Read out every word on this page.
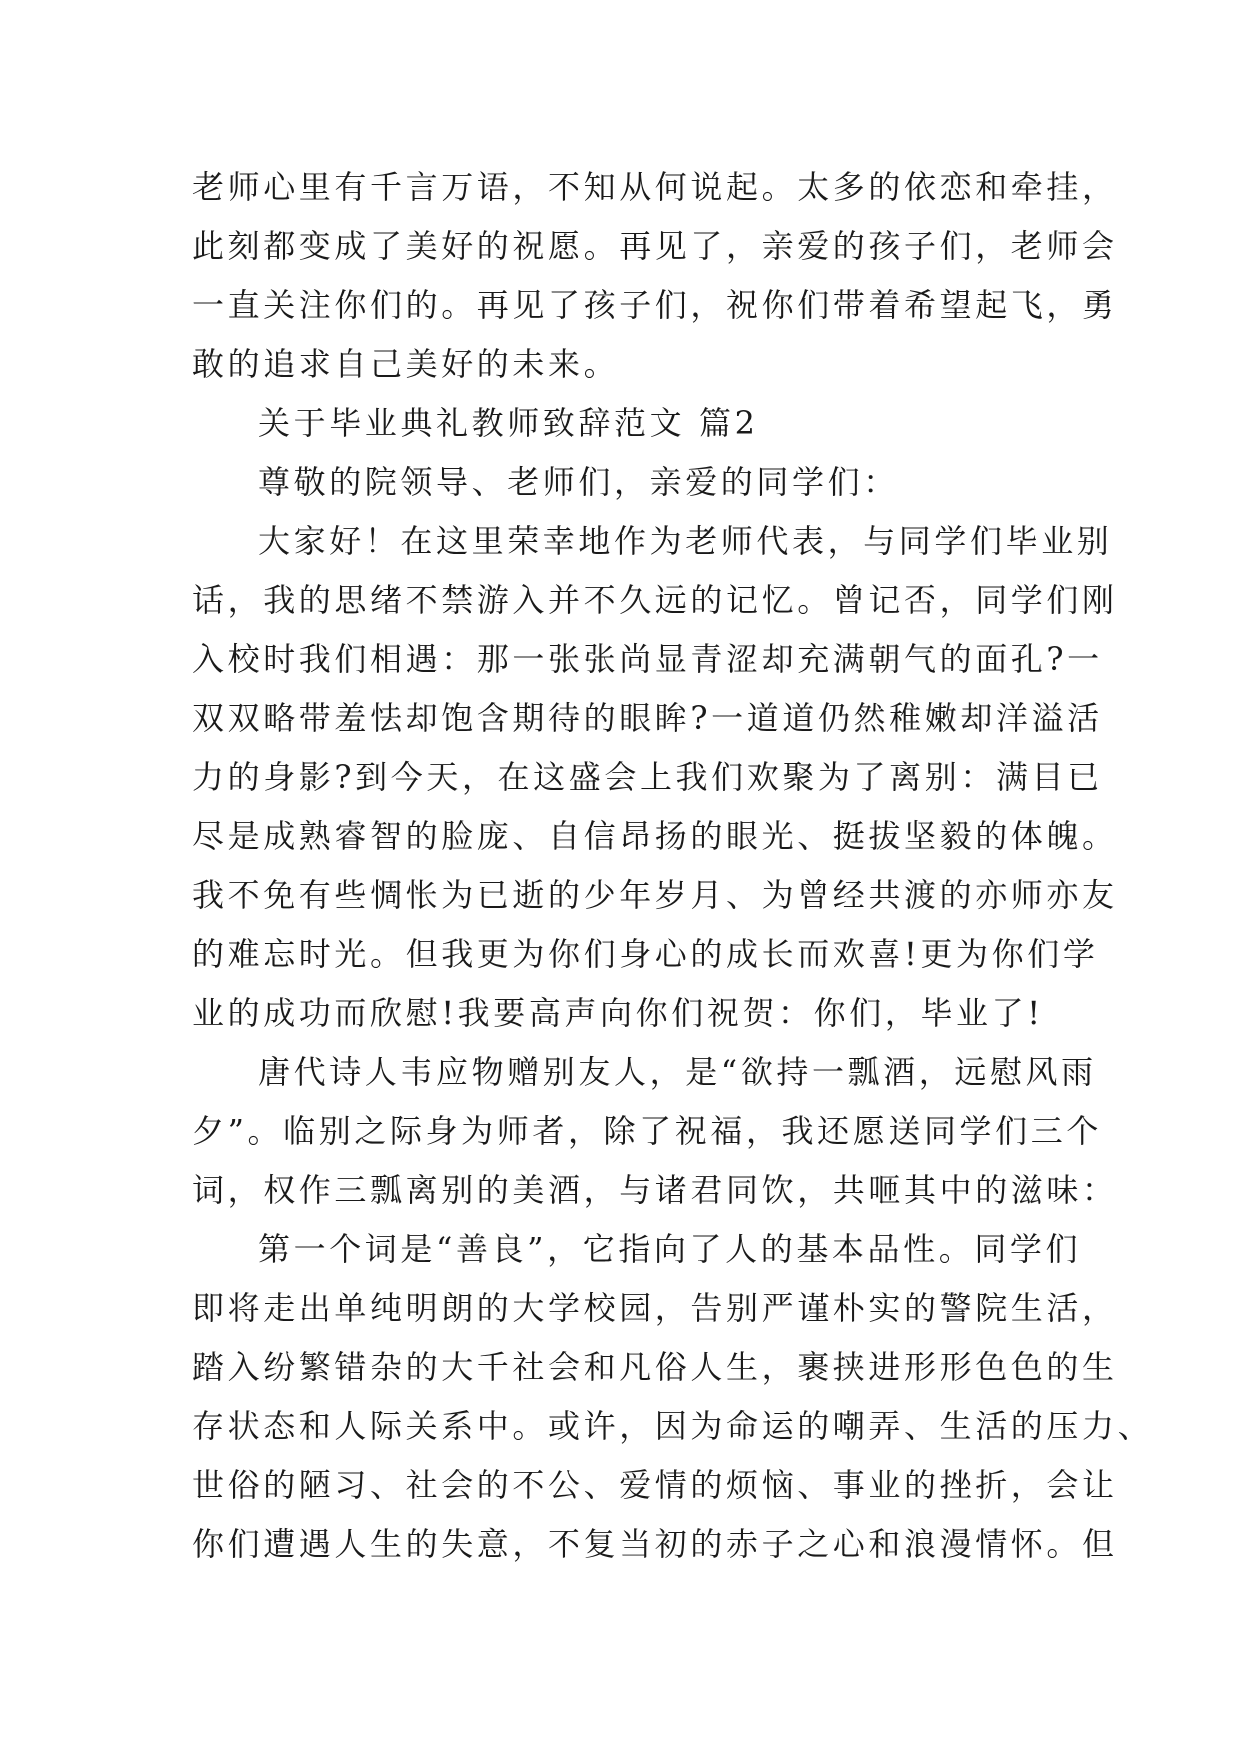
老师心里有千言万语，不知从何说起。太多的依恋和牵挂，
此刻都变成了美好的祝愿。再见了，亲爱的孩子们，老师会
一直关注你们的。再见了孩子们，祝你们带着希望起飞，勇
敢的追求自己美好的未来。
关于毕业典礼教师致辞范文 篇2
尊敬的院领导、老师们，亲爱的同学们：
大家好！在这里荣幸地作为老师代表，与同学们毕业别
话，我的思绪不禁游入并不久远的记忆。曾记否，同学们刚
入校时我们相遇：那一张张尚显青涩却充满朝气的面孔?一
双双略带羞怯却饱含期待的眼眸?一道道仍然稚嫩却洋溢活
力的身影?到今天，在这盛会上我们欢聚为了离别：满目已
尽是成熟睿智的脸庞、自信昂扬的眼光、挺拔坚毅的体魄。
我不免有些惆怅为已逝的少年岁月、为曾经共渡的亦师亦友
的难忘时光。但我更为你们身心的成长而欢喜!更为你们学
业的成功而欣慰!我要高声向你们祝贺：你们，毕业了!
唐代诗人韦应物赠别友人，是“欲持一瓢酒，远慰风雨
夕”。临别之际身为师者，除了祝福，我还愿送同学们三个
词，权作三瓢离别的美酒，与诸君同饮，共咂其中的滋味：
第一个词是“善良”，它指向了人的基本品性。同学们
即将走出单纯明朗的大学校园，告别严谨朴实的警院生活，
踏入纷繁错杂的大千社会和凡俗人生，裹挟进形形色色的生
存状态和人际关系中。或许，因为命运的嘲弄、生活的压力、
世俗的陋习、社会的不公、爱情的烦恼、事业的挫折，会让
你们遭遇人生的失意，不复当初的赤子之心和浪漫情怀。但
